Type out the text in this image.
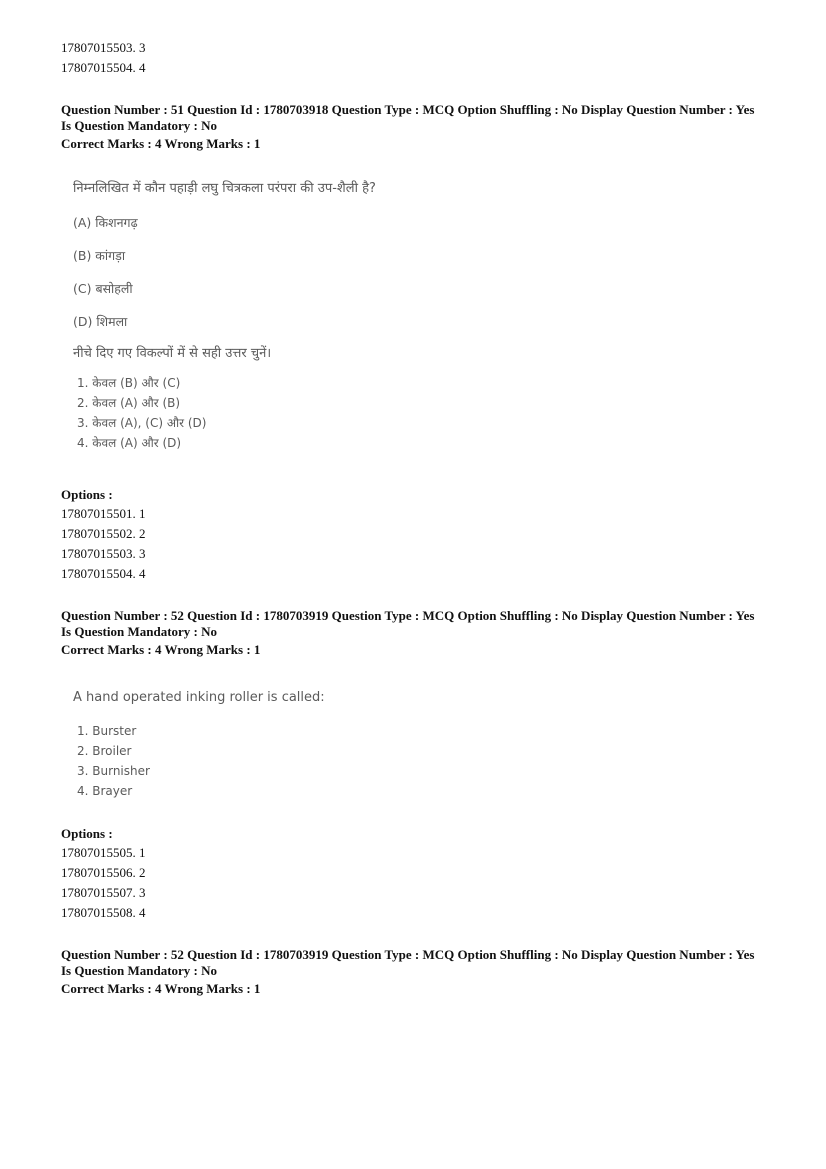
17807015503. 3
17807015504. 4
Question Number : 51 Question Id : 1780703918 Question Type : MCQ Option Shuffling : No Display Question Number : Yes
Is Question Mandatory : No
Correct Marks : 4 Wrong Marks : 1
निम्नलिखित में कौन पहाड़ी लघु चित्रकला परंपरा की उप-शैली है?
(A) किशनगढ़
(B) कांगड़ा
(C) बसोहली
(D) शिमला
नीचे दिए गए विकल्पों में से सही उत्तर चुनें।
1. केवल (B) और (C)
2. केवल (A) और (B)
3. केवल (A), (C) और (D)
4. केवल (A) और (D)
Options :
17807015501. 1
17807015502. 2
17807015503. 3
17807015504. 4
Question Number : 52 Question Id : 1780703919 Question Type : MCQ Option Shuffling : No Display Question Number : Yes
Is Question Mandatory : No
Correct Marks : 4 Wrong Marks : 1
A hand operated inking roller is called:
1. Burster
2. Broiler
3. Burnisher
4. Brayer
Options :
17807015505. 1
17807015506. 2
17807015507. 3
17807015508. 4
Question Number : 52 Question Id : 1780703919 Question Type : MCQ Option Shuffling : No Display Question Number : Yes
Is Question Mandatory : No
Correct Marks : 4 Wrong Marks : 1
